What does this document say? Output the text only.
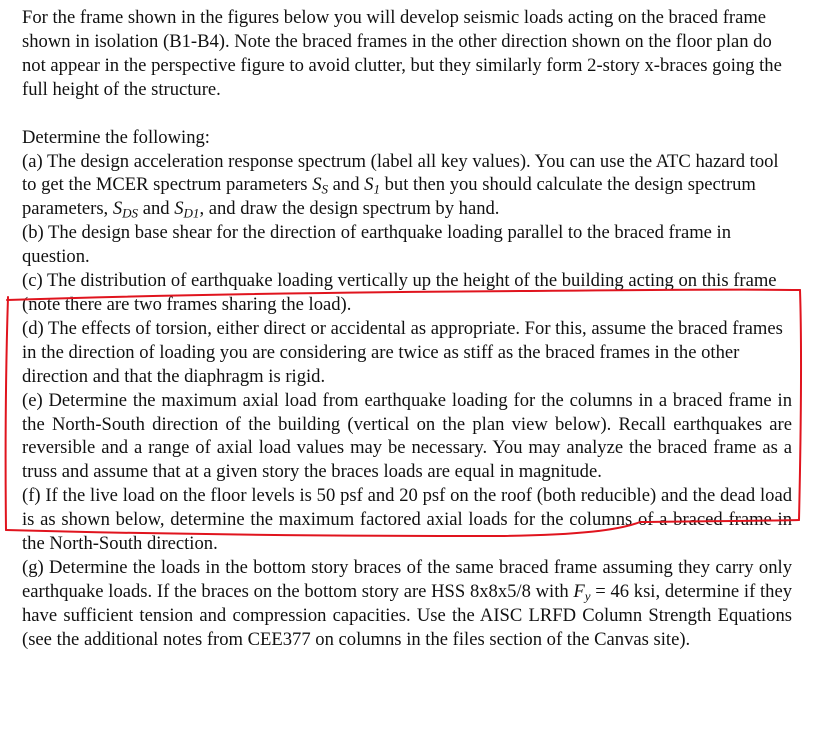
For the frame shown in the figures below you will develop seismic loads acting on the braced frame shown in isolation (B1-B4). Note the braced frames in the other direction shown on the floor plan do not appear in the perspective figure to avoid clutter, but they similarly form 2-story x-braces going the full height of the structure.

Determine the following:

(a) The design acceleration response spectrum (label all key values). You can use the ATC hazard tool to get the MCER spectrum parameters $S_S$ and $S_1$ but then you should calculate the design spectrum parameters, $S_{DS}$ and $S_{D1}$, and draw the design spectrum by hand.

(b) The design base shear for the direction of earthquake loading parallel to the braced frame in question.

(c) The distribution of earthquake loading vertically up the height of the building acting on this frame (note there are two frames sharing the load).

(d) The effects of torsion, either direct or accidental as appropriate. For this, assume the braced frames in the direction of loading you are considering are twice as stiff as the braced frames in the other direction and that the diaphragm is rigid.

(e) Determine the maximum axial load from earthquake loading for the columns in a braced frame in the North-South direction of the building (vertical on the plan view below). Recall earthquakes are reversible and a range of axial load values may be necessary. You may analyze the braced frame as a truss and assume that at a given story the braces loads are equal in magnitude.

(f) If the live load on the floor levels is 50 psf and 20 psf on the roof (both reducible) and the dead load is as shown below, determine the maximum factored axial loads for the columns of a braced frame in the North-South direction.

(g) Determine the loads in the bottom story braces of the same braced frame assuming they carry only earthquake loads. If the braces on the bottom story are HSS 8x8x5/8 with $F_y = 46$ ksi, determine if they have sufficient tension and compression capacities. Use the AISC LRFD Column Strength Equations (see the additional notes from CEE377 on columns in the files section of the Canvas site).
